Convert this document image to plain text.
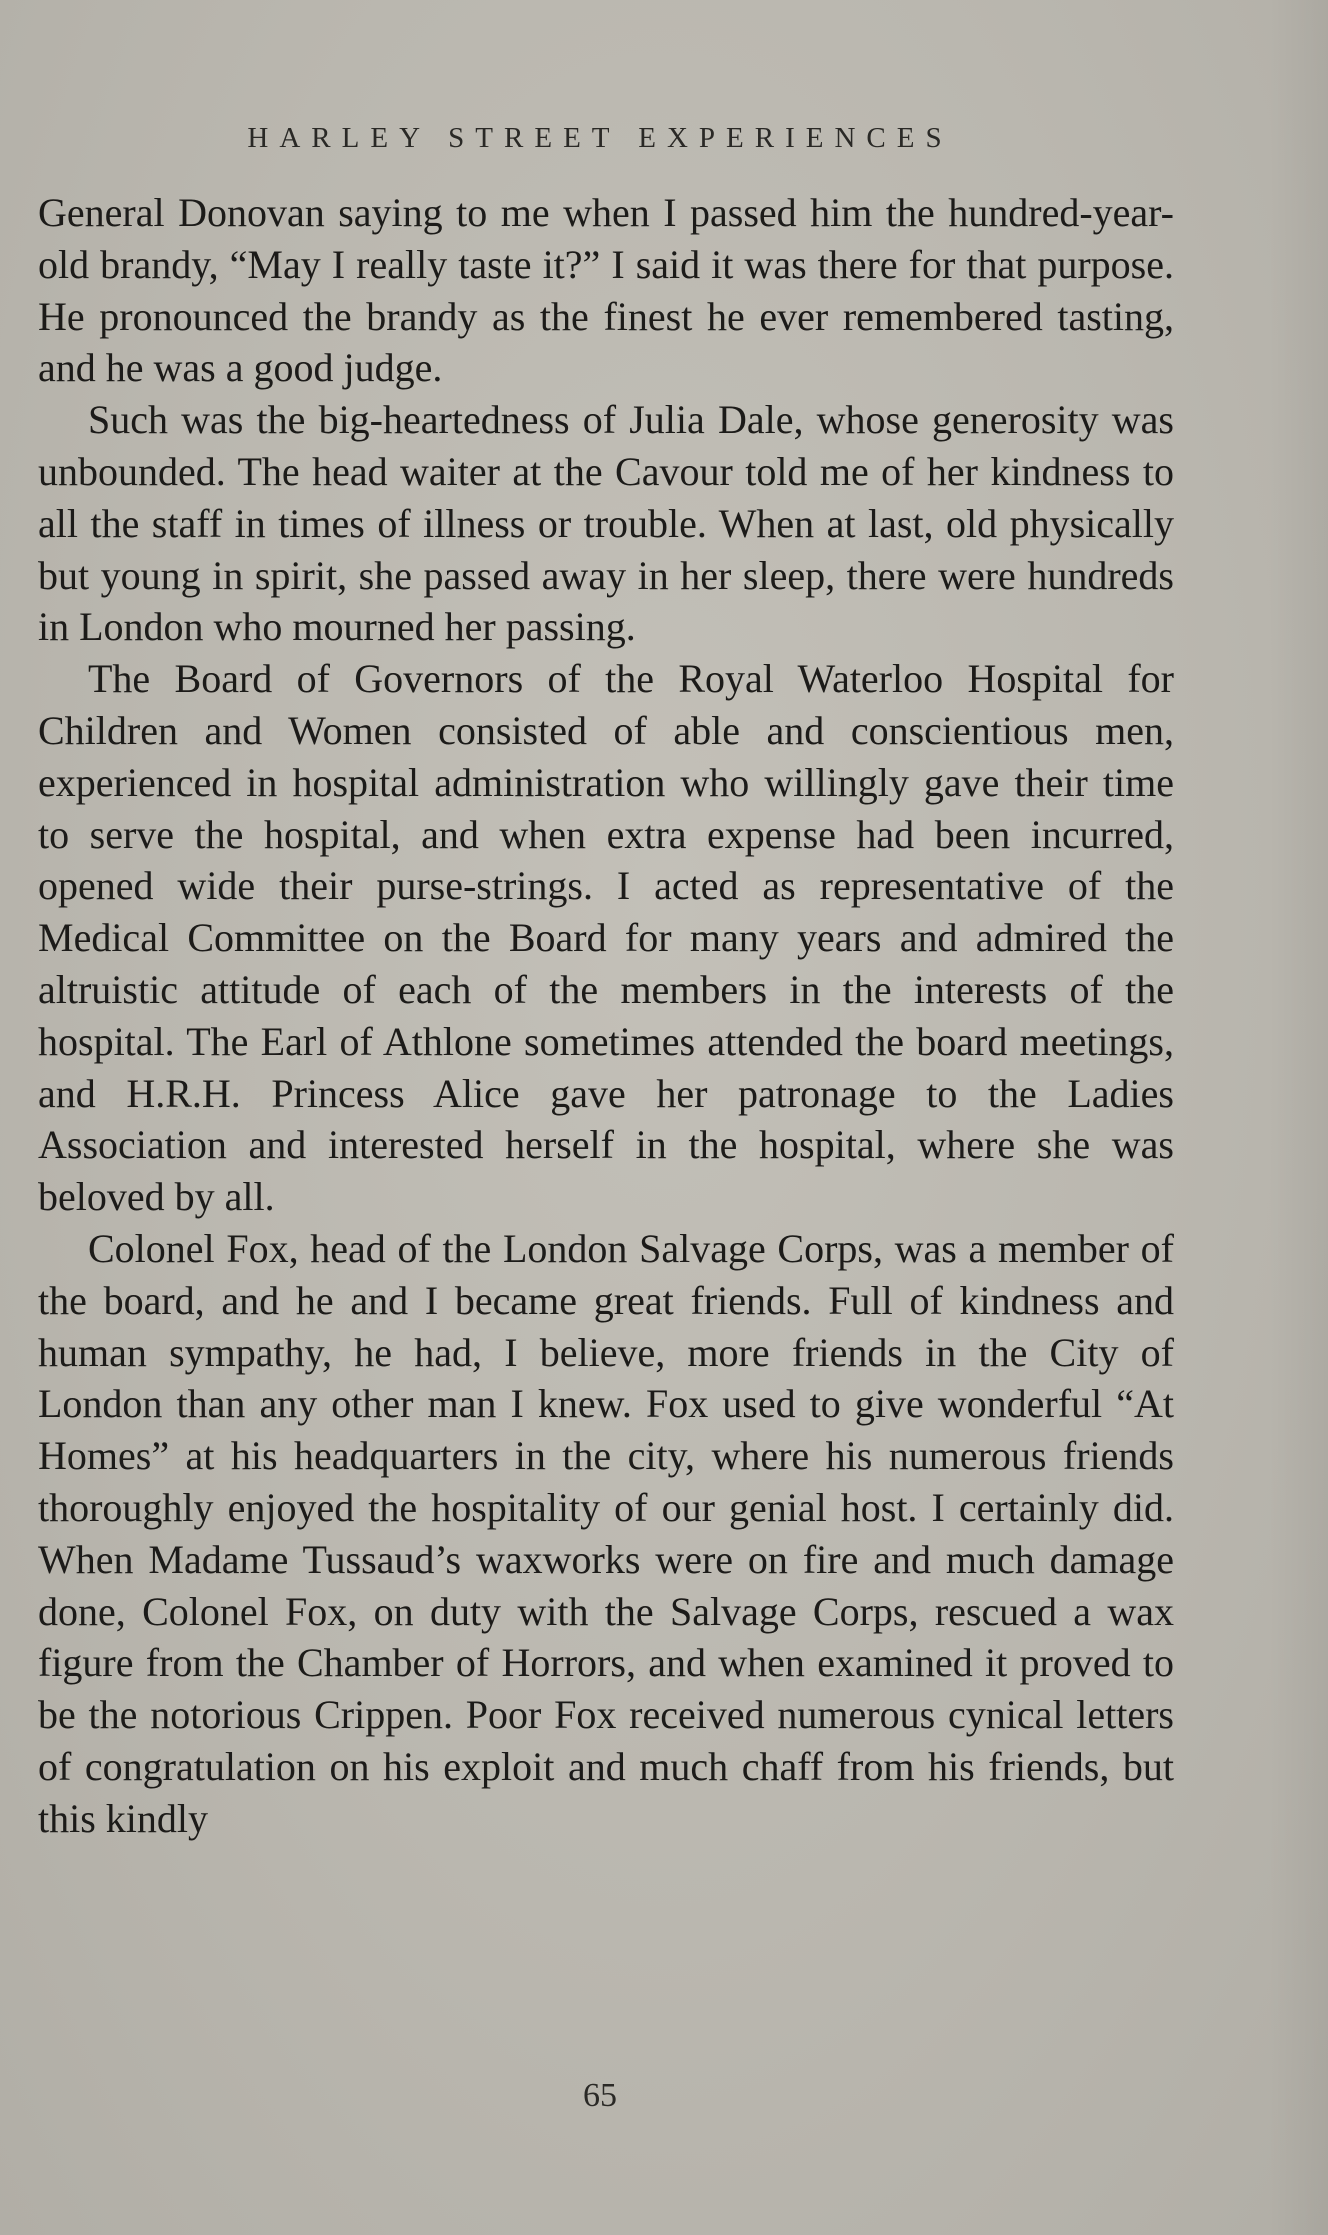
HARLEY STREET EXPERIENCES

General Donovan saying to me when I passed him the hundred-year-old brandy, “May I really taste it?” I said it was there for that purpose. He pronounced the brandy as the finest he ever remembered tasting, and he was a good judge.

Such was the big-heartedness of Julia Dale, whose generosity was unbounded. The head waiter at the Cavour told me of her kindness to all the staff in times of illness or trouble. When at last, old physically but young in spirit, she passed away in her sleep, there were hundreds in London who mourned her passing.

The Board of Governors of the Royal Waterloo Hospital for Children and Women consisted of able and conscientious men, experienced in hospital administration who willingly gave their time to serve the hospital, and when extra expense had been incurred, opened wide their purse-strings. I acted as representative of the Medical Committee on the Board for many years and admired the altruistic attitude of each of the members in the interests of the hospital. The Earl of Athlone sometimes attended the board meetings, and H.R.H. Princess Alice gave her patronage to the Ladies Association and interested herself in the hospital, where she was beloved by all.

Colonel Fox, head of the London Salvage Corps, was a member of the board, and he and I became great friends. Full of kindness and human sympathy, he had, I believe, more friends in the City of London than any other man I knew. Fox used to give wonderful “At Homes” at his headquarters in the city, where his numerous friends thoroughly enjoyed the hospitality of our genial host. I certainly did. When Madame Tussaud’s waxworks were on fire and much damage done, Colonel Fox, on duty with the Salvage Corps, rescued a wax figure from the Chamber of Horrors, and when examined it proved to be the notorious Crippen. Poor Fox received numerous cynical letters of congratulation on his exploit and much chaff from his friends, but this kindly

65
